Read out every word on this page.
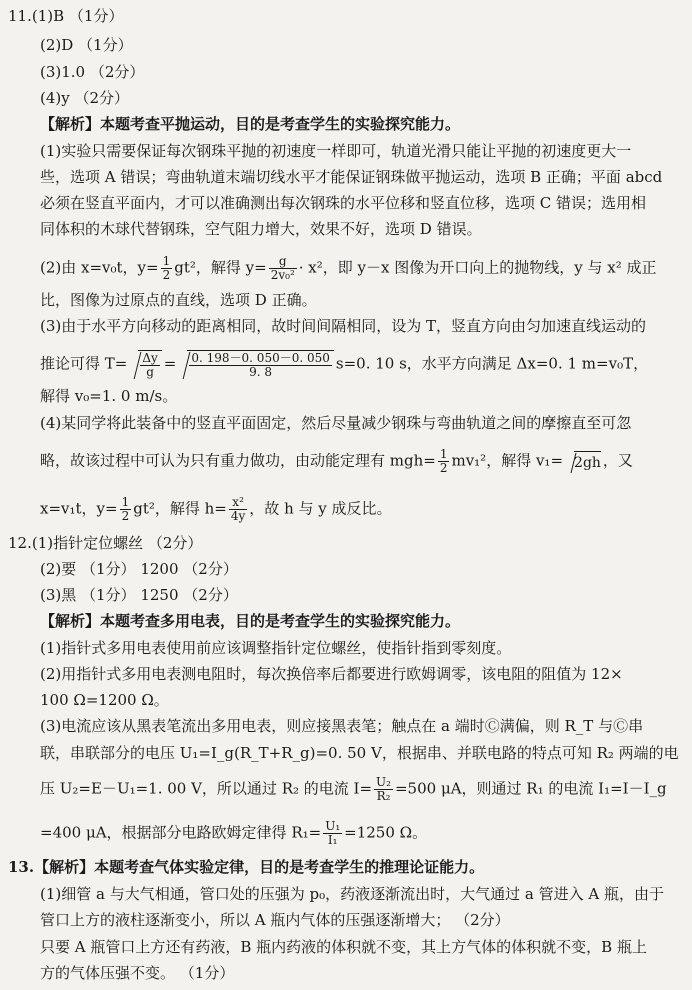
11.(1)B （1分）
(2)D （1分）
(3)1.0 （2分）
(4)y （2分）
【解析】本题考查平抛运动，目的是考查学生的实验探究能力。
(1)实验只需要保证每次钢珠平抛的初速度一样即可，轨道光滑只能让平抛的初速度更大一
些，选项 A 错误；弯曲轨道末端切线水平才能保证钢珠做平抛运动，选项 B 正确；平面 abcd
必须在竖直平面内，才可以准确测出每次钢珠的水平位移和竖直位移，选项 C 错误；选用相
同体积的木球代替钢珠，空气阻力增大，效果不好，选项 D 错误。
(2)由 x=v₀t，$y= \frac{1}{2} gt^2$，解得 $y= \frac{g}{\text{2v₀²}} \cdot x^2$，即 y－x 图像为开口向上的抛物线，y 与 x² 成正
比，图像为过原点的直线，选项 D 正确。
(3)由于水平方向移动的距离相同，故时间间隔相同，设为 T，竖直方向由匀加速直线运动的
推论可得 $T= \frac{\Delta y}{g} = \frac{0. 198-0. 050-0. 050}{9. 8} s=0$. 10 s，水平方向满足 Δx=0. 1 m=v₀T，
解得 v₀=1. 0 m/s。
(4)某同学将此装备中的竖直平面固定，然后尽量减少钢珠与弯曲轨道之间的摩擦直至可忽
略，故该过程中可认为只有重力做功，由动能定理有 $mgh= \frac{1}{2} mv_1^2$，解得 v₁= 2gh ，又
x=v₁t，$y= \frac{1}{2} gt^2$，解得 $h= \frac{\text{x²}}{4y}$ ，故 h 与 y 成反比。
12.(1)指针定位螺丝 （2分）
(2)要 （1分） 1200 （2分）
(3)黑 （1分） 1250 （2分）
【解析】本题考查多用电表，目的是考查学生的实验探究能力。
(1)指针式多用电表使用前应该调整指针定位螺丝，使指针指到零刻度。
(2)用指针式多用电表测电阻时，每次换倍率后都要进行欧姆调零，该电阻的阻值为 12×
100 Ω=1200 Ω。
(3)电流应该从黑表笔流出多用电表，则应接黑表笔；触点在 a 端时Ⓒ满偏，则 R_T 与Ⓒ串
联，串联部分的电压 U₁=I_g(R_T+R_g)=0. 50 V，根据串、并联电路的特点可知 R₂ 两端的电
压 U₂=E－U₁=1. 00 V，所以通过 R₂ 的电流 $I= \frac{\text{U₂}}{\text{R₂}} =500$ μA，则通过 R₁ 的电流 I₁=I－I_g
=400 μA，根据部分电路欧姆定律得 $R_1= \frac{\text{U₁}}{\text{I₁}} =1250$ Ω。
13.【解析】本题考查气体实验定律，目的是考查学生的推理论证能力。
(1)细管 a 与大气相通，管口处的压强为 p₀，药液逐渐流出时，大气通过 a 管进入 A 瓶，由于
管口上方的液柱逐渐变小，所以 A 瓶内气体的压强逐渐增大； （2分）
只要 A 瓶管口上方还有药液，B 瓶内药液的体积就不变，其上方气体的体积就不变，B 瓶上
方的气体压强不变。 （1分）
